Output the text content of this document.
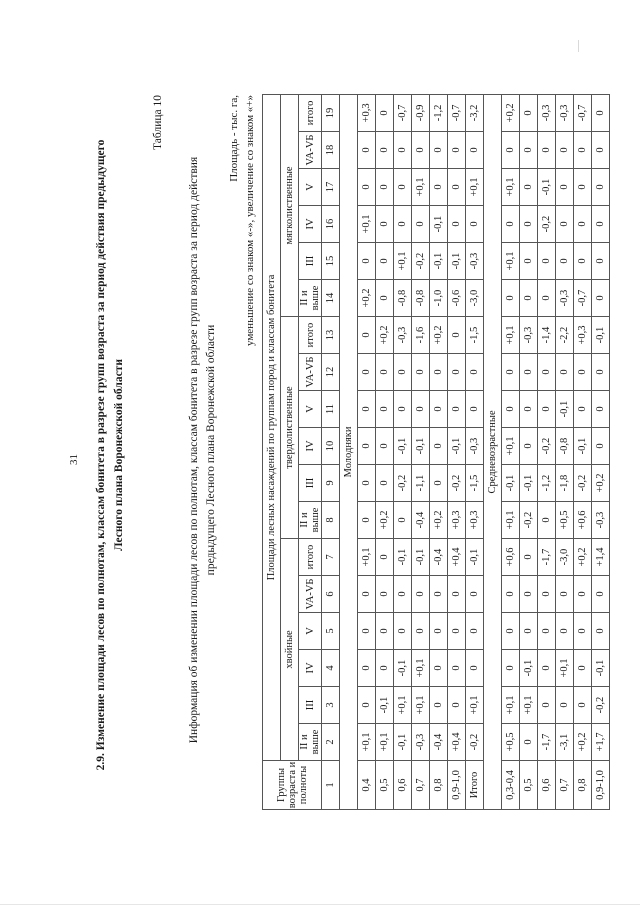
31 2.9. Изменение площади лесов по полнотам, классам бонитета в разрезе групп возраста за период действия предыдущего Лесного плана Воронежской области
Таблица 10
Информация об изменении площади лесов по полнотам, классам бонитета в разрезе групп возраста за период действия предыдущего Лесного плана Воронежской области
Площадь - тыс. га, уменьшение со знаком «-», увеличение со знаком «+»
Группы возраста и полноты	Площади лесных насаждений по группам пород и классам бонитета																	
	хвойные						твердолиственные						мягколиственные					
	II и выше	III	IV	V	VA-VБ	итого	II и выше	III	IV	V	VA-VБ	итого	II и выше	III	IV	V	VA-VБ	итого
1	2	3	4	5	6	7	8	9	10	11	12	13	14	15	16	17	18	19
Молодняки																		
0,4	+0,1	0	0	0	0	+0,1	0	0	0	0	0	0	+0,2	0	+0,1	0	0	+0,3
0,5	+0,1	-0,1	0	0	0	0	+0,2	0	0	0	0	+0,2	0	0	0	0	0	0
0,6	-0,1	+0,1	-0,1	0	0	-0,1	0	-0,2	-0,1	0	0	-0,3	-0,8	+0,1	0	0	0	-0,7
0,7	-0,3	+0,1	+0,1	0	0	-0,1	-0,4	-1,1	-0,1	0	0	-1,6	-0,8	-0,2	0	+0,1	0	-0,9
0,8	-0,4	0	0	0	0	-0,4	+0,2	0	0	0	0	+0,2	-1,0	-0,1	-0,1	0	0	-1,2
0,9-1,0	+0,4	0	0	0	0	+0,4	+0,3	-0,2	-0,1	0	0	0	-0,6	-0,1	0	0	0	-0,7
Итого	-0,2	+0,1	0	0	0	-0,1	+0,3	-1,5	-0,3	0	0	-1,5	-3,0	-0,3	0	+0,1	0	-3,2
Средневозрастные																		
0,3-0,4	+0,5	+0,1	0	0	0	+0,6	+0,1	-0,1	+0,1	0	0	+0,1	0	+0,1	0	+0,1	0	+0,2
0,5	0	+0,1	-0,1	0	0	0	-0,2	-0,1	0	0	0	-0,3	0	0	0	0	0	0
0,6	-1,7	0	0	0	0	-1,7	0	-1,2	-0,2	0	0	-1,4	0	0	-0,2	-0,1	0	-0,3
0,7	-3,1	0	+0,1	0	0	-3,0	+0,5	-1,8	-0,8	-0,1	0	-2,2	-0,3	0	0	0	0	-0,3
0,8	+0,2	0	0	0	0	+0,2	+0,6	-0,2	-0,1	0	0	+0,3	-0,7	0	0	0	0	-0,7
0,9-1,0	+1,7	-0,2	-0,1	0	0	+1,4	-0,3	+0,2	0	0	0	-0,1	0	0	0	0	0	0
